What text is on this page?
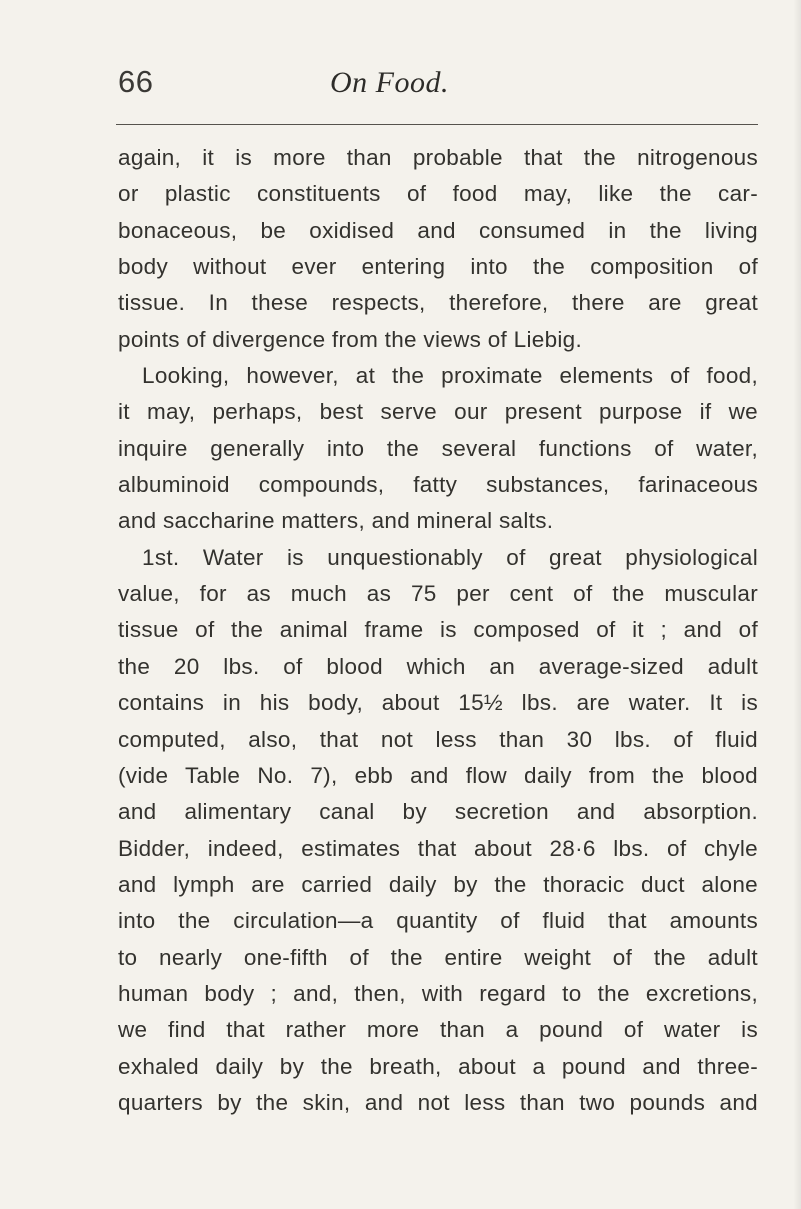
66	On Food.
again, it is more than probable that the nitrogenous
or plastic constituents of food may, like the car-
bonaceous, be oxidised and consumed in the living
body without ever entering into the composition of
tissue. In these respects, therefore, there are great
points of divergence from the views of Liebig.
Looking, however, at the proximate elements of food,
it may, perhaps, best serve our present purpose if we
inquire generally into the several functions of water,
albuminoid compounds, fatty substances, farinaceous
and saccharine matters, and mineral salts.
1st. Water is unquestionably of great physiological
value, for as much as 75 per cent of the muscular
tissue of the animal frame is composed of it ; and of
the 20 lbs. of blood which an average-sized adult
contains in his body, about 15½ lbs. are water. It is
computed, also, that not less than 30 lbs. of fluid
(vide Table No. 7), ebb and flow daily from the blood
and alimentary canal by secretion and absorption.
Bidder, indeed, estimates that about 28·6 lbs. of chyle
and lymph are carried daily by the thoracic duct alone
into the circulation—a quantity of fluid that amounts
to nearly one-fifth of the entire weight of the adult
human body ; and, then, with regard to the excretions,
we find that rather more than a pound of water is
exhaled daily by the breath, about a pound and three-
quarters by the skin, and not less than two pounds and
